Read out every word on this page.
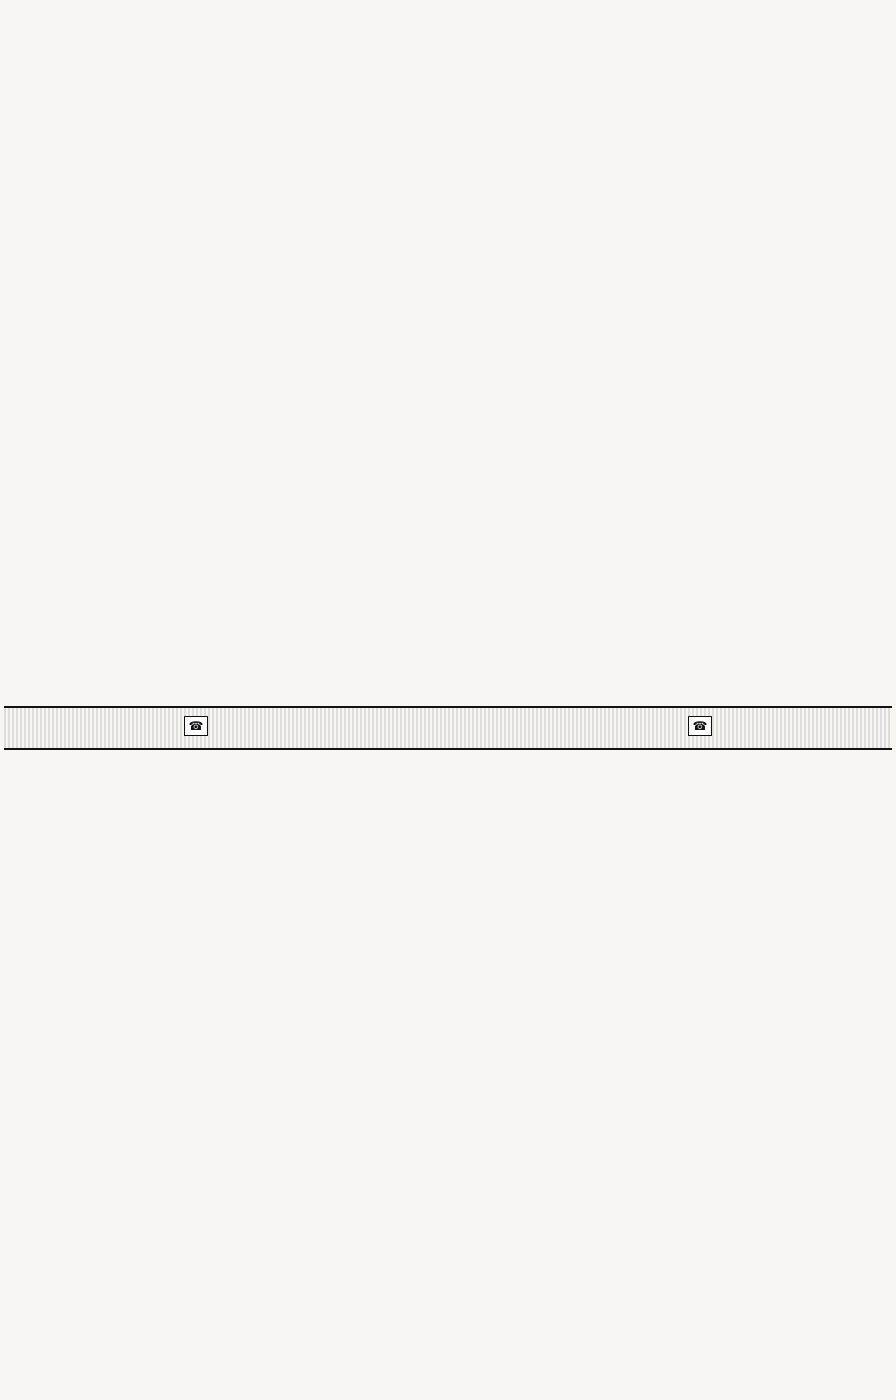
☎	☎
